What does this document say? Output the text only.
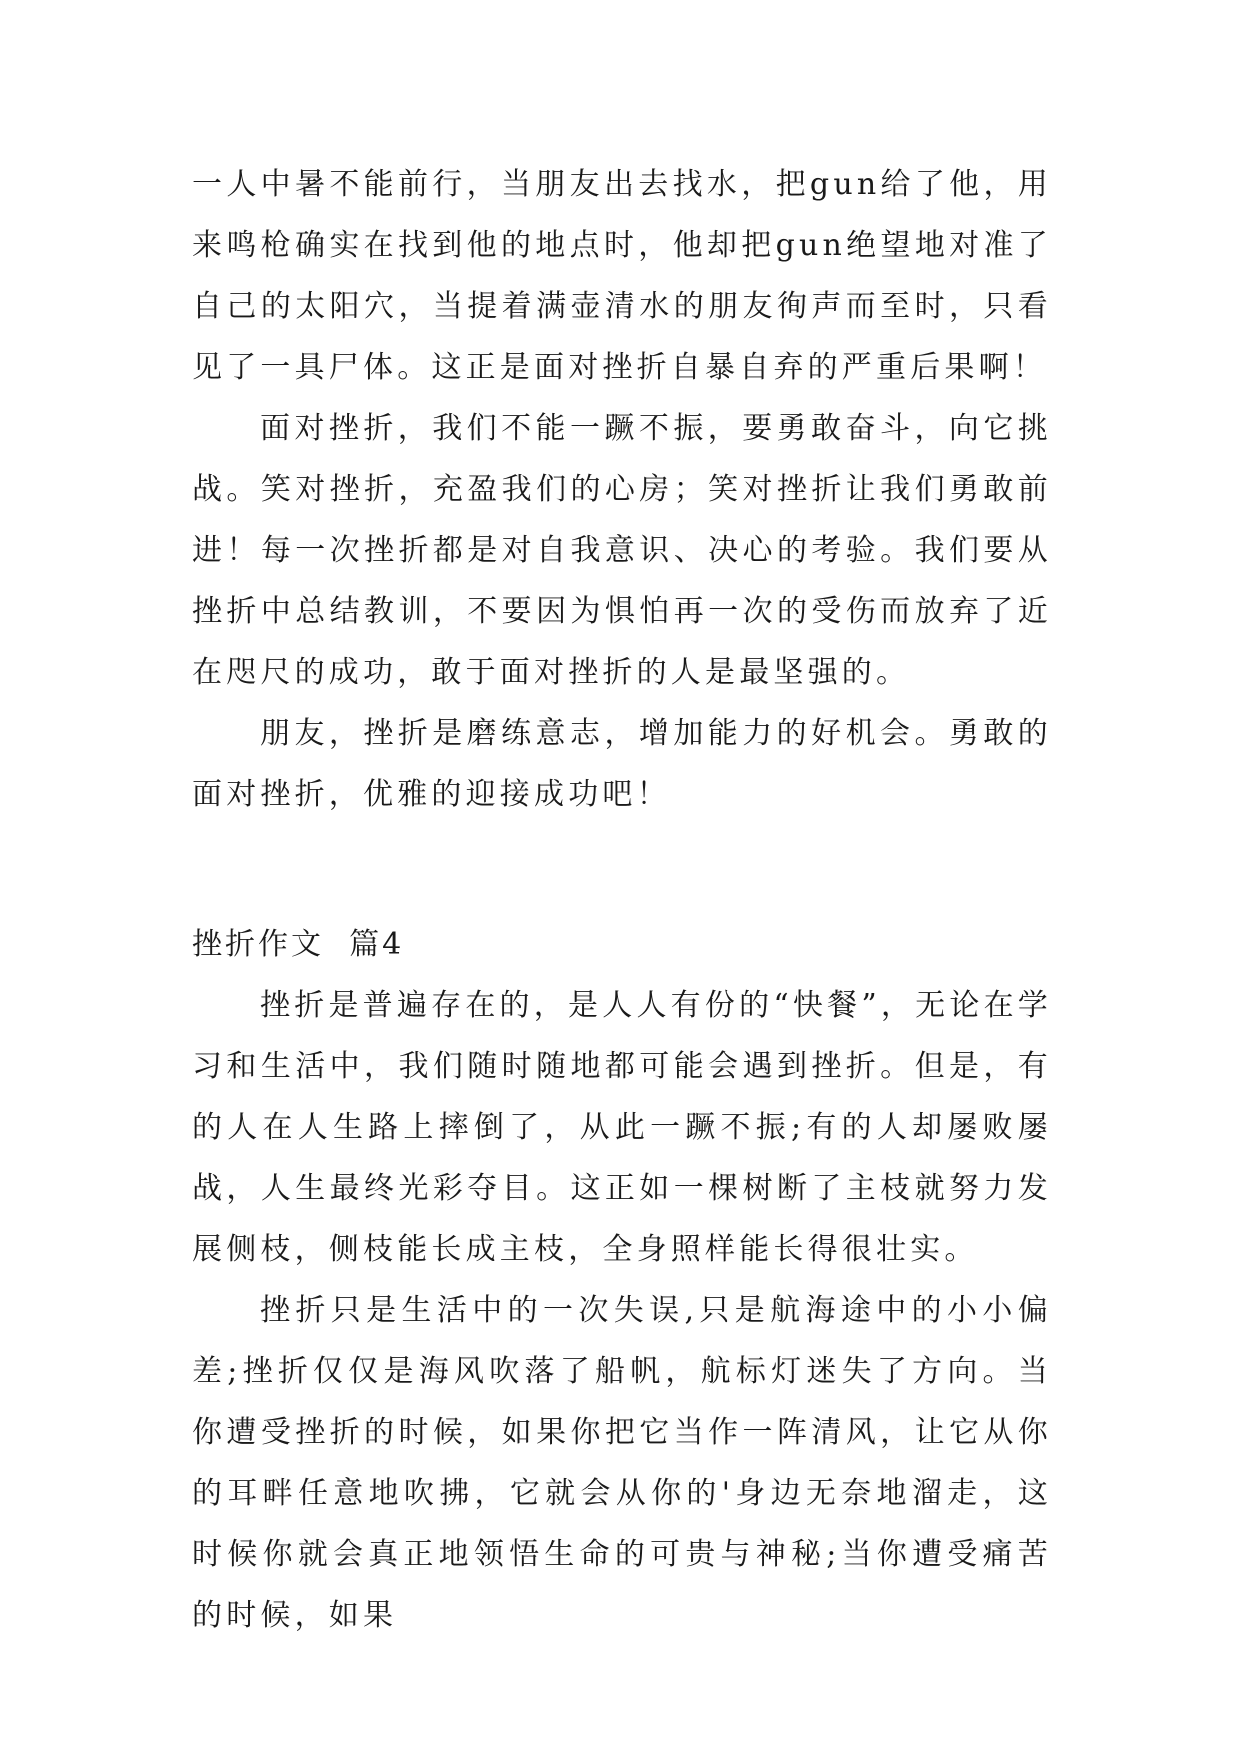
一人中暑不能前行，当朋友出去找水，把gun给了他，用来鸣枪确实在找到他的地点时，他却把gun绝望地对准了自己的太阳穴，当提着满壶清水的朋友徇声而至时，只看见了一具尸体。这正是面对挫折自暴自弃的严重后果啊！

面对挫折，我们不能一蹶不振，要勇敢奋斗，向它挑战。笑对挫折，充盈我们的心房；笑对挫折让我们勇敢前进！每一次挫折都是对自我意识、决心的考验。我们要从挫折中总结教训，不要因为惧怕再一次的受伤而放弃了近在咫尺的成功，敢于面对挫折的人是最坚强的。

朋友，挫折是磨练意志，增加能力的好机会。勇敢的面对挫折，优雅的迎接成功吧！

挫折作文  篇4

挫折是普遍存在的，是人人有份的“快餐”，无论在学习和生活中，我们随时随地都可能会遇到挫折。但是，有的人在人生路上摔倒了，从此一蹶不振;有的人却屡败屡战，人生最终光彩夺目。这正如一棵树断了主枝就努力发展侧枝，侧枝能长成主枝，全身照样能长得很壮实。

挫折只是生活中的一次失误,只是航海途中的小小偏差;挫折仅仅是海风吹落了船帆，航标灯迷失了方向。当你遭受挫折的时候，如果你把它当作一阵清风，让它从你的耳畔任意地吹拂，它就会从你的'身边无奈地溜走，这时候你就会真正地领悟生命的可贵与神秘;当你遭受痛苦的时候，如果
